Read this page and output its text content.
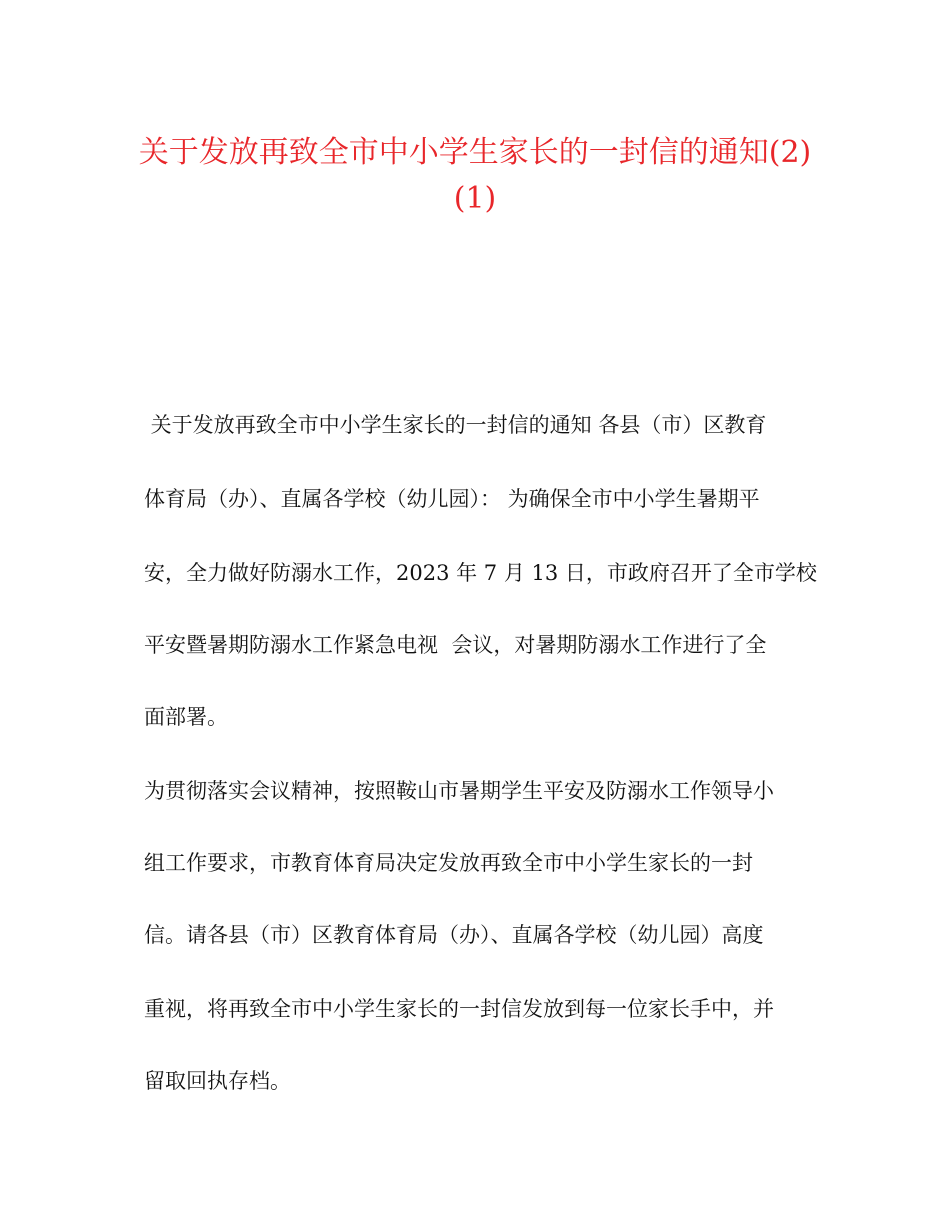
关于发放再致全市中小学生家长的一封信的通知(2)
(1)
关于发放再致全市中小学生家长的一封信的通知 各县（市）区教育
体育局（办）、直属各学校（幼儿园）： 为确保全市中小学生暑期平
安，全力做好防溺水工作，2023 年 7 月 13 日，市政府召开了全市学校
平安暨暑期防溺水工作紧急电视  会议，对暑期防溺水工作进行了全
面部署。
为贯彻落实会议精神，按照鞍山市暑期学生平安及防溺水工作领导小
组工作要求，市教育体育局决定发放再致全市中小学生家长的一封
信。请各县（市）区教育体育局（办）、直属各学校（幼儿园）高度
重视，将再致全市中小学生家长的一封信发放到每一位家长手中，并
留取回执存档。
